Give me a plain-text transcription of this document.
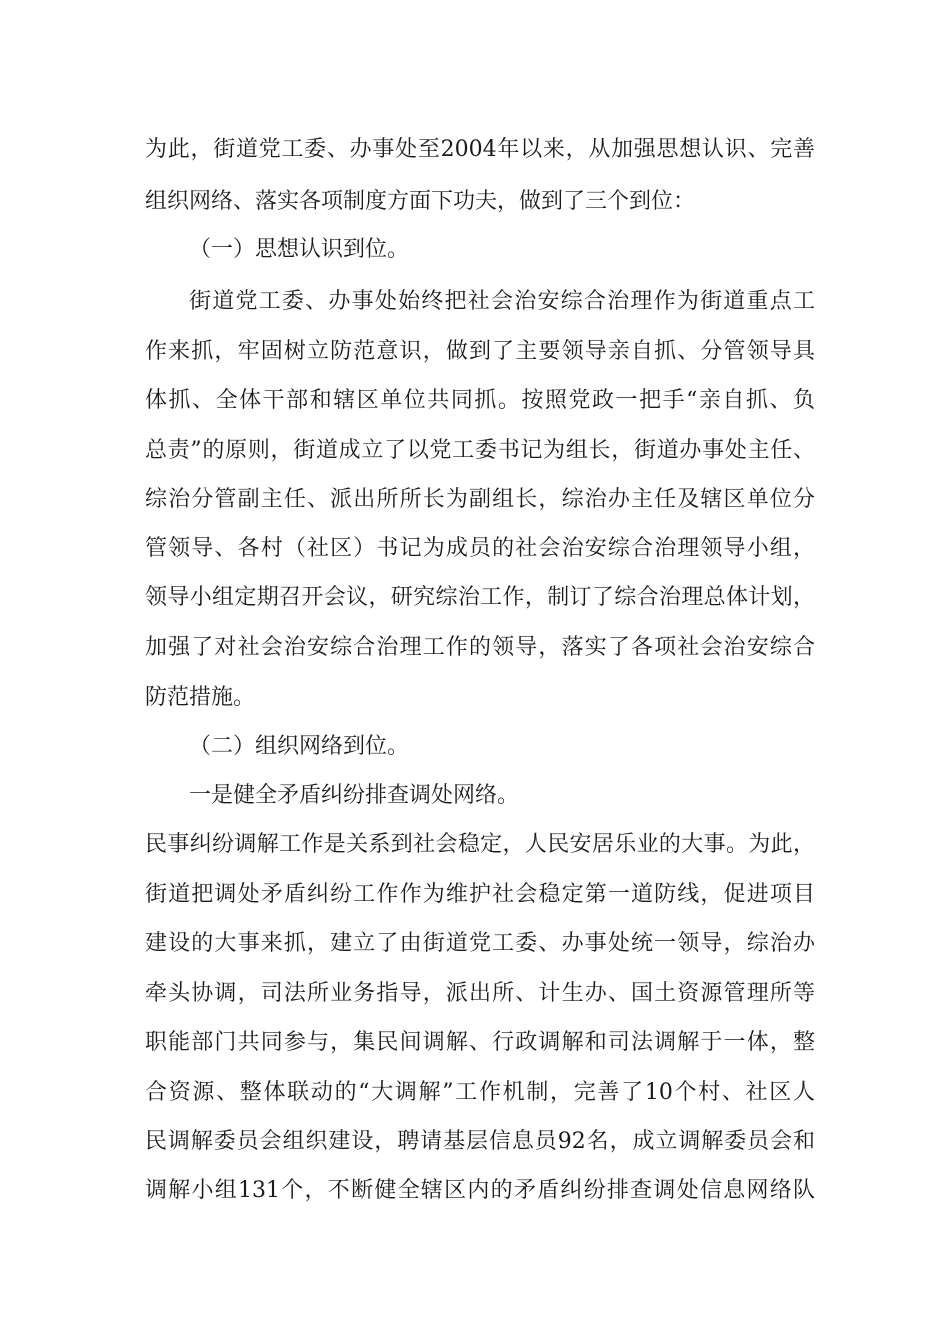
为此，街道党工委、办事处至2004年以来，从加强思想认识、完善

组织网络、落实各项制度方面下功夫，做到了三个到位：

（一）思想认识到位。

街道党工委、办事处始终把社会治安综合治理作为街道重点工

作来抓，牢固树立防范意识，做到了主要领导亲自抓、分管领导具

体抓、全体干部和辖区单位共同抓。按照党政一把手“亲自抓、负

总责”的原则，街道成立了以党工委书记为组长，街道办事处主任、

综治分管副主任、派出所所长为副组长，综治办主任及辖区单位分

管领导、各村（社区）书记为成员的社会治安综合治理领导小组，

领导小组定期召开会议，研究综治工作，制订了综合治理总体计划，

加强了对社会治安综合治理工作的领导，落实了各项社会治安综合

防范措施。

（二）组织网络到位。

一是健全矛盾纠纷排查调处网络。

民事纠纷调解工作是关系到社会稳定，人民安居乐业的大事。为此，

街道把调处矛盾纠纷工作作为维护社会稳定第一道防线，促进项目

建设的大事来抓，建立了由街道党工委、办事处统一领导，综治办

牵头协调，司法所业务指导，派出所、计生办、国土资源管理所等

职能部门共同参与，集民间调解、行政调解和司法调解于一体，整

合资源、整体联动的“大调解”工作机制，完善了10个村、社区人

民调解委员会组织建设，聘请基层信息员92名，成立调解委员会和

调解小组131个，不断健全辖区内的矛盾纠纷排查调处信息网络队
